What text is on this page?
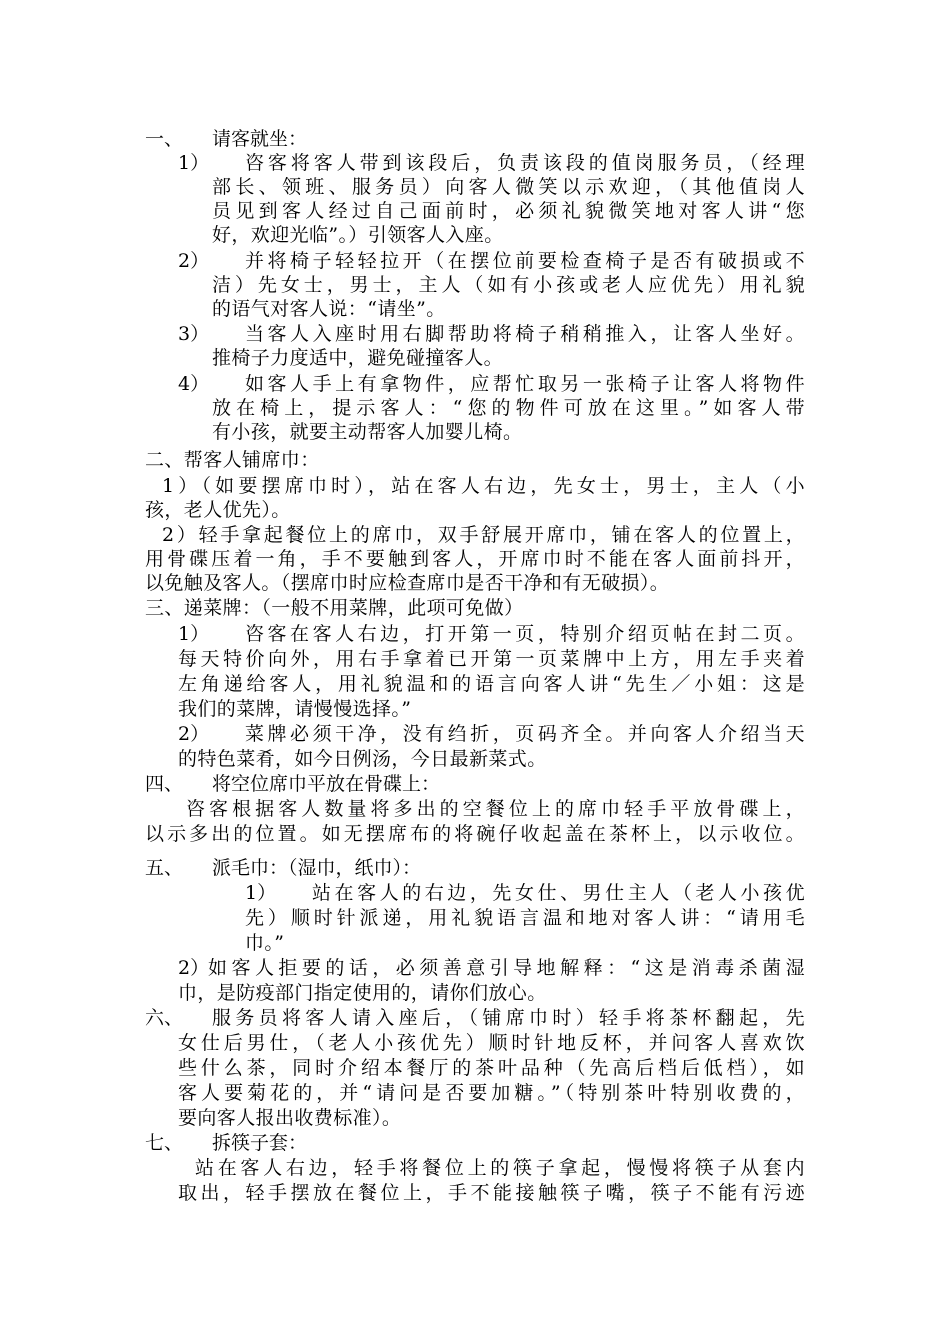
一、 请客就坐：
1） 咨客将客人带到该段后，负责该段的值岗服务员，（经理
部长、领班、服务员）向客人微笑以示欢迎，（其他值岗人
员见到客人经过自己面前时，必须礼貌微笑地对客人讲“您
好，欢迎光临”。）引领客人入座。
2） 并将椅子轻轻拉开（在摆位前要检查椅子是否有破损或不
洁）先女士，男士，主人（如有小孩或老人应优先）用礼貌
的语气对客人说：“请坐”。
3） 当客人入座时用右脚帮助将椅子稍稍推入，让客人坐好。
推椅子力度适中，避免碰撞客人。
4） 如客人手上有拿物件，应帮忙取另一张椅子让客人将物件
放在椅上，提示客人：“您的物件可放在这里。”如客人带
有小孩，就要主动帮客人加婴儿椅。
二、帮客人铺席巾：
1）（如要摆席巾时），站在客人右边，先女士，男士，主人（小
孩，老人优先）。
2）轻手拿起餐位上的席巾，双手舒展开席巾，铺在客人的位置上，
用骨碟压着一角，手不要触到客人，开席巾时不能在客人面前抖开，
以免触及客人。（摆席巾时应检查席巾是否干净和有无破损）。
三、递菜牌：（一般不用菜牌，此项可免做）
1） 咨客在客人右边，打开第一页，特别介绍页帖在封二页。
每天特价向外，用右手拿着已开第一页菜牌中上方，用左手夹着
左角递给客人，用礼貌温和的语言向客人讲“先生／小姐：这是
我们的菜牌，请慢慢选择。”
2） 菜牌必须干净，没有绉折，页码齐全。并向客人介绍当天
的特色菜肴，如今日例汤，今日最新菜式。
四、 将空位席巾平放在骨碟上：
咨客根据客人数量将多出的空餐位上的席巾轻手平放骨碟上，
以示多出的位置。如无摆席布的将碗仔收起盖在茶杯上，以示收位。
五、 派毛巾：（湿巾，纸巾）：
1） 站在客人的右边，先女仕、男仕主人（老人小孩优
先）顺时针派递，用礼貌语言温和地对客人讲：“请用毛
巾。”
2）
如客人拒要的话，必须善意引导地解释：“这是消毒杀菌湿
巾，是防疫部门指定使用的，请你们放心。
六、 服务员将客人请入座后，（铺席巾时）轻手将茶杯翻起，先
女仕后男仕，（老人小孩优先）顺时针地反杯，并问客人喜欢饮
些什么茶，同时介绍本餐厅的茶叶品种（先高后档后低档），如
客人要菊花的，并“请问是否要加糖。”（特别茶叶特别收费的，
要向客人报出收费标准）。
七、 拆筷子套：
站在客人右边，轻手将餐位上的筷子拿起，慢慢将筷子从套内
取出，轻手摆放在餐位上，手不能接触筷子嘴，筷子不能有污迹
